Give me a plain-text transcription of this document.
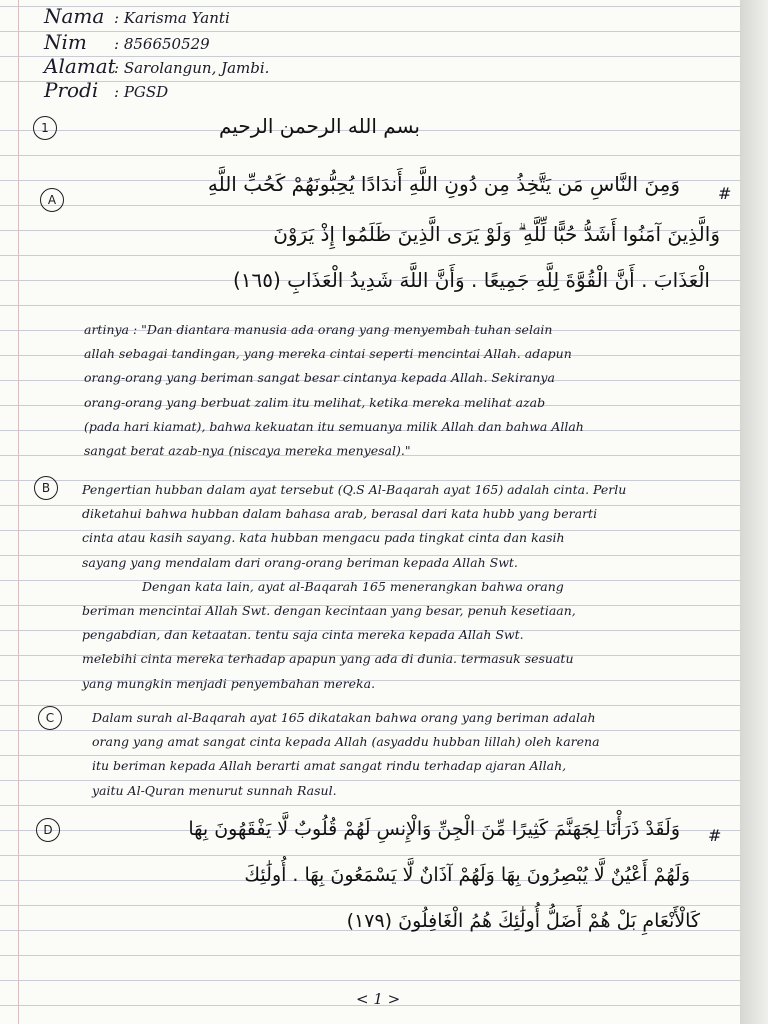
Nama : Karisma Yanti
Nim : 856650529
Alamat: Sarolangun, Jambi.
Prodi : PGSD
1	بسم الله الرحمن الرحيم
A	#
وَمِنَ النَّاسِ مَن يَتَّخِذُ مِن دُونِ اللَّهِ أَندَادًا يُحِبُّونَهُمْ كَحُبِّ اللَّهِ
وَالَّذِينَ آمَنُوا أَشَدُّ حُبًّا لِّلَّهِ ۗ وَلَوْ يَرَى الَّذِينَ ظَلَمُوا إِذْ يَرَوْنَ
الْعَذَابَ . أَنَّ الْقُوَّةَ لِلَّهِ جَمِيعًا . وَأَنَّ اللَّهَ شَدِيدُ الْعَذَابِ (١٦٥)
artinya : "Dan diantara manusia ada orang yang menyembah tuhan selain
allah sebagai tandingan, yang mereka cintai seperti mencintai Allah. adapun
orang-orang yang beriman sangat besar cintanya kepada Allah. Sekiranya
orang-orang yang berbuat zalim itu melihat, ketika mereka melihat azab
(pada hari kiamat), bahwa kekuatan itu semuanya milik Allah dan bahwa Allah
sangat berat azab-nya (niscaya mereka menyesal)."
B	Pengertian hubban dalam ayat tersebut (Q.S Al-Baqarah ayat 165) adalah cinta. Perlu
diketahui bahwa hubban dalam bahasa arab, berasal dari kata hubb yang berarti
cinta atau kasih sayang. kata hubban mengacu pada tingkat cinta dan kasih
sayang yang mendalam dari orang-orang beriman kepada Allah Swt.
Dengan kata lain, ayat al-Baqarah 165 menerangkan bahwa orang
beriman mencintai Allah Swt. dengan kecintaan yang besar, penuh kesetiaan,
pengabdian, dan ketaatan. tentu saja cinta mereka kepada Allah Swt.
melebihi cinta mereka terhadap apapun yang ada di dunia. termasuk sesuatu
yang mungkin menjadi penyembahan mereka.
C	Dalam surah al-Baqarah ayat 165 dikatakan bahwa orang yang beriman adalah
orang yang amat sangat cinta kepada Allah (asyaddu hubban lillah) oleh karena
itu beriman kepada Allah berarti amat sangat rindu terhadap ajaran Allah,
yaitu Al-Quran menurut sunnah Rasul.
D	#
وَلَقَدْ ذَرَأْنَا لِجَهَنَّمَ كَثِيرًا مِّنَ الْجِنِّ وَالْإِنسِ لَهُمْ قُلُوبٌ لَّا يَفْقَهُونَ بِهَا
وَلَهُمْ أَعْيُنٌ لَّا يُبْصِرُونَ بِهَا وَلَهُمْ آذَانٌ لَّا يَسْمَعُونَ بِهَا . أُولَٰئِكَ
كَالْأَنْعَامِ بَلْ هُمْ أَضَلُّ أُولَٰئِكَ هُمُ الْغَافِلُونَ (١٧٩)
< 1 >
